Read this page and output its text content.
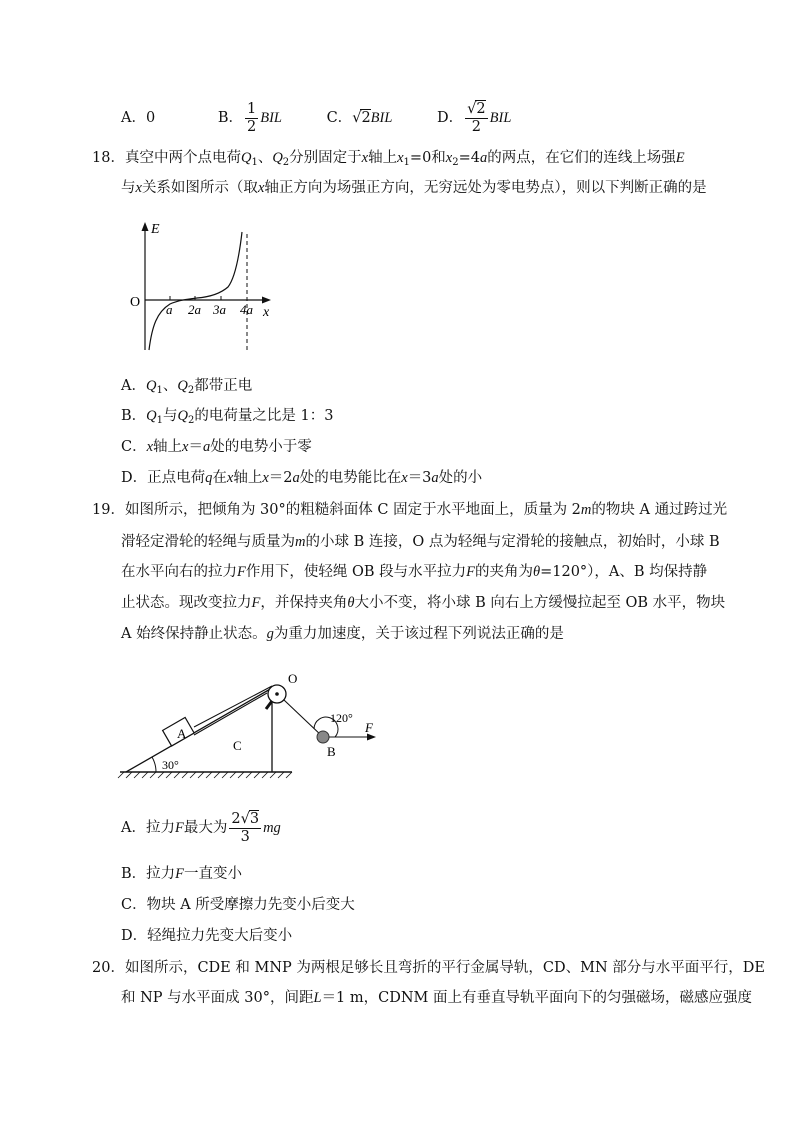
A．0	B． $\frac{1}{2}$ BIL	C．√2BIL	D． $\frac{√2}{2}$ BIL
18．真空中两个点电荷$Q_1$、$Q_2$分别固定于x轴上$x_1=0$和$x_2=4a$的两点，在它们的连线上场强E
与x关系如图所示（取x轴正方向为场强正方向，无穷远处为零电势点），则以下判断正确的是
E
O a 2a 3a 4a x
A．$Q_1$、$Q_2$都带正电
B．$Q_1$与$Q_2$的电荷量之比是 1：3
C．x轴上x＝a处的电势小于零
D．正点电荷q在x轴上x＝2a处的电势能比在x＝3a处的小
19．如图所示，把倾角为 30°的粗糙斜面体 C 固定于水平地面上，质量为 2m的物块 A 通过跨过光
滑轻定滑轮的轻绳与质量为m的小球 B 连接，O 点为轻绳与定滑轮的接触点，初始时，小球 B
在水平向右的拉力F作用下，使轻绳 OB 段与水平拉力F的夹角为θ=120°），A、B 均保持静
止状态。现改变拉力F，并保持夹角θ大小不变，将小球 B 向右上方缓慢拉起至 OB 水平，物块
A 始终保持静止状态。g为重力加速度，关于该过程下列说法正确的是
O
A
C	B
F
120°
30°
A．拉力F最大为 $\frac{2√3}{3}$ mg
B．拉力F一直变小
C．物块 A 所受摩擦力先变小后变大
D．轻绳拉力先变大后变小
20．如图所示，CDE 和 MNP 为两根足够长且弯折的平行金属导轨，CD、MN 部分与水平面平行，DE
和 NP 与水平面成 30°，间距L＝1 m，CDNM 面上有垂直导轨平面向下的匀强磁场，磁感应强度
